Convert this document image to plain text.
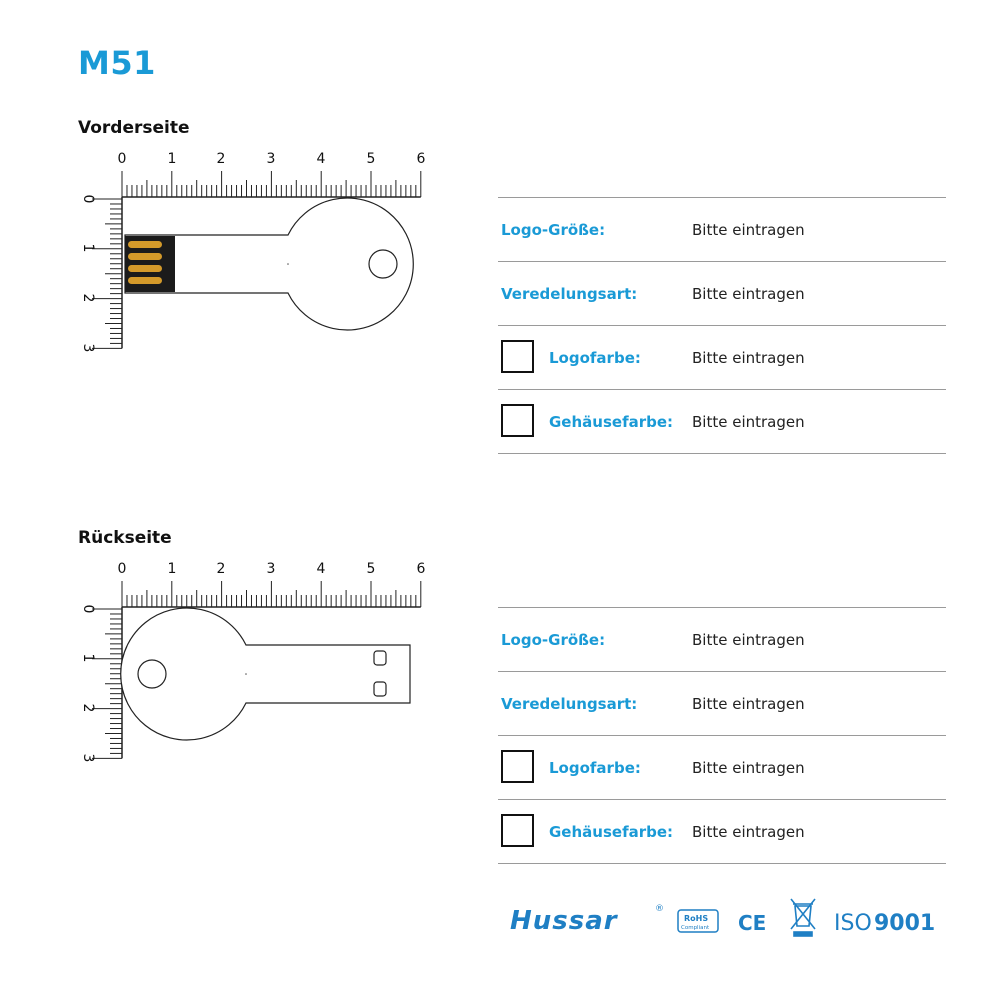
M51
Vorderseite
0	1	2	3	4	5	6
0
1
2
3
Logo-Größe:	Bitte eintragen
Veredelungsart:	Bitte eintragen
Logofarbe:	Bitte eintragen
Gehäusefarbe: Bitte eintragen
Rückseite
0	1	2	3	4	5	6
0
1
2
3
Logo-Größe:	Bitte eintragen
Veredelungsart:	Bitte eintragen
Logofarbe:	Bitte eintragen
Gehäusefarbe: Bitte eintragen
Hussar	®
RoHS
Compliant CE	ISO 9001
